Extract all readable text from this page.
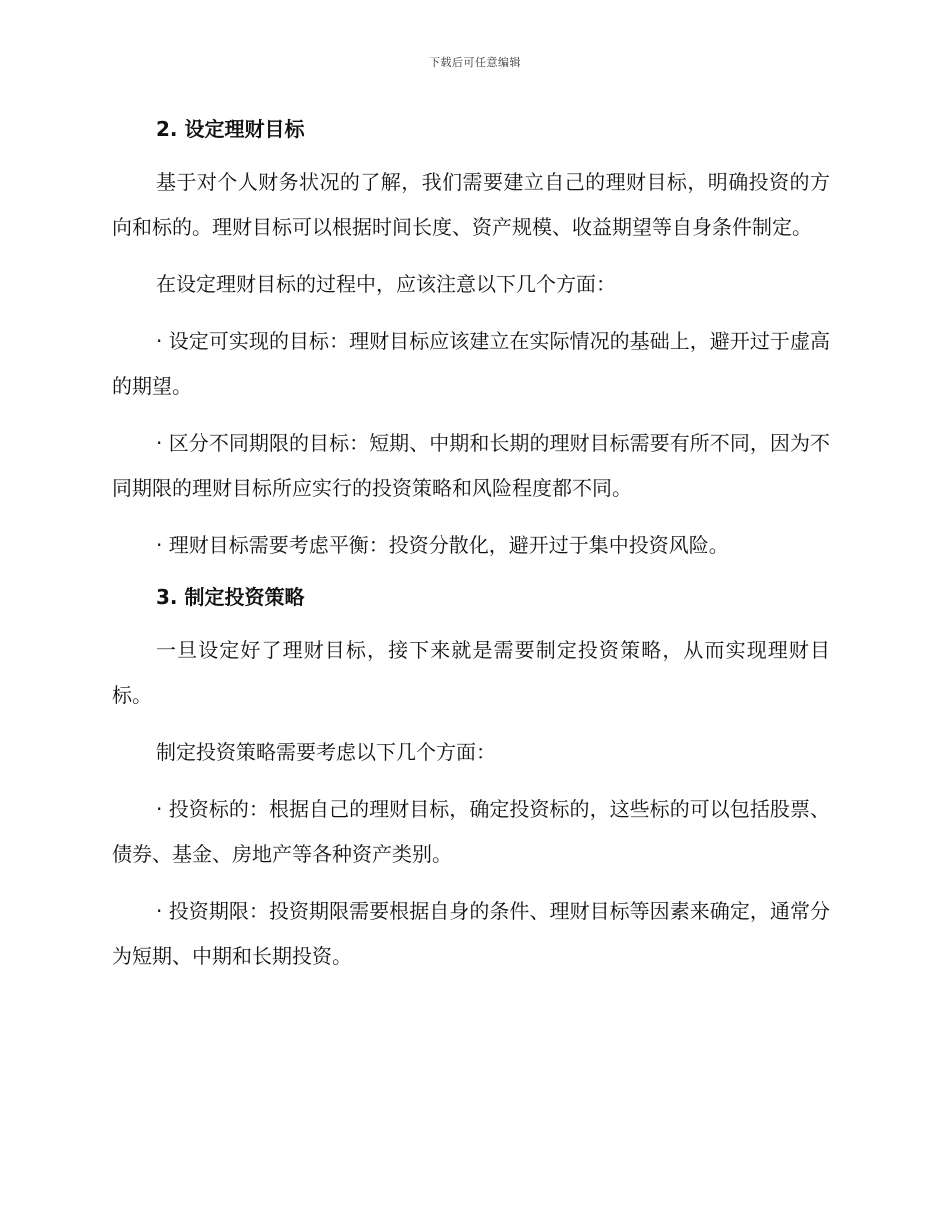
下载后可任意编辑
2. 设定理财目标

基于对个人财务状况的了解，我们需要建立自己的理财目标，明确投资的方向和标的。理财目标可以根据时间长度、资产规模、收益期望等自身条件制定。

在设定理财目标的过程中，应该注意以下几个方面：

· 设定可实现的目标：理财目标应该建立在实际情况的基础上，避开过于虚高的期望。

· 区分不同期限的目标：短期、中期和长期的理财目标需要有所不同，因为不同期限的理财目标所应实行的投资策略和风险程度都不同。

· 理财目标需要考虑平衡：投资分散化，避开过于集中投资风险。

3. 制定投资策略

一旦设定好了理财目标，接下来就是需要制定投资策略，从而实现理财目标。

制定投资策略需要考虑以下几个方面：

· 投资标的：根据自己的理财目标，确定投资标的，这些标的可以包括股票、债券、基金、房地产等各种资产类别。

· 投资期限：投资期限需要根据自身的条件、理财目标等因素来确定，通常分为短期、中期和长期投资。
